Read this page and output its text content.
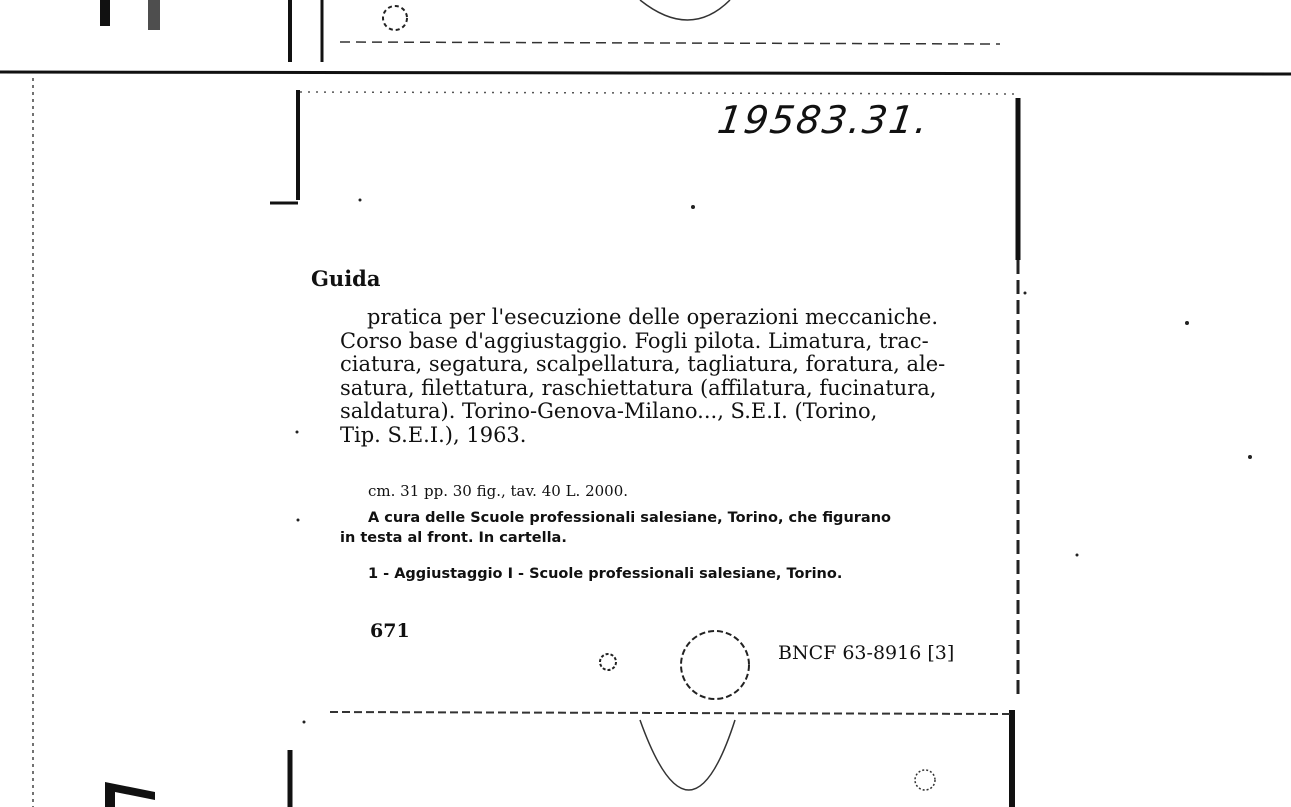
19583.31.
Guida
pratica per l'esecuzione delle operazioni meccaniche.
Corso base d'aggiustaggio. Fogli pilota. Limatura, trac-
ciatura, segatura, scalpellatura, tagliatura, foratura, ale-
satura, filettatura, raschiettatura (affilatura, fucinatura,
saldatura). Torino-Genova-Milano..., S.E.I. (Torino,
Tip. S.E.I.), 1963.
cm. 31 pp. 30 fig., tav. 40 L. 2000.
A cura delle Scuole professionali salesiane, Torino, che figurano
in testa al front. In cartella.
1 - Aggiustaggio I - Scuole professionali salesiane, Torino.
671
BNCF 63-8916 [3]
